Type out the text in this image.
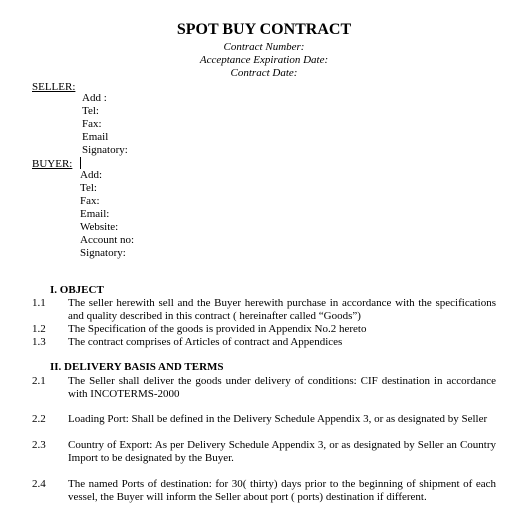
SPOT BUY CONTRACT
Contract Number:
Acceptance Expiration Date:
Contract Date:
SELLER:
Add :
Tel:
Fax:
Email
Signatory:
BUYER:
Add:
Tel:
Fax:
Email:
Website:
Account no:
Signatory:
I. OBJECT
1.1 The seller herewith sell and the Buyer herewith purchase in accordance with the specifications and quality described in this contract ( hereinafter called “Goods”)
1.2 The Specification of the goods is provided in Appendix No.2 hereto
1.3 The contract comprises of Articles of contract and Appendices
II. DELIVERY BASIS AND TERMS
2.1 The Seller shall deliver the goods under delivery of conditions: CIF destination in accordance with INCOTERMS-2000
2.2 Loading Port: Shall be defined in the Delivery Schedule Appendix 3, or as designated by Seller
2.3 Country of Export: As per Delivery Schedule Appendix 3, or as designated by Seller an Country Import to be designated by the Buyer.
2.4 The named Ports of destination: for 30( thirty) days prior to the beginning of shipment of each vessel, the Buyer will inform the Seller about port ( ports) destination if different.
